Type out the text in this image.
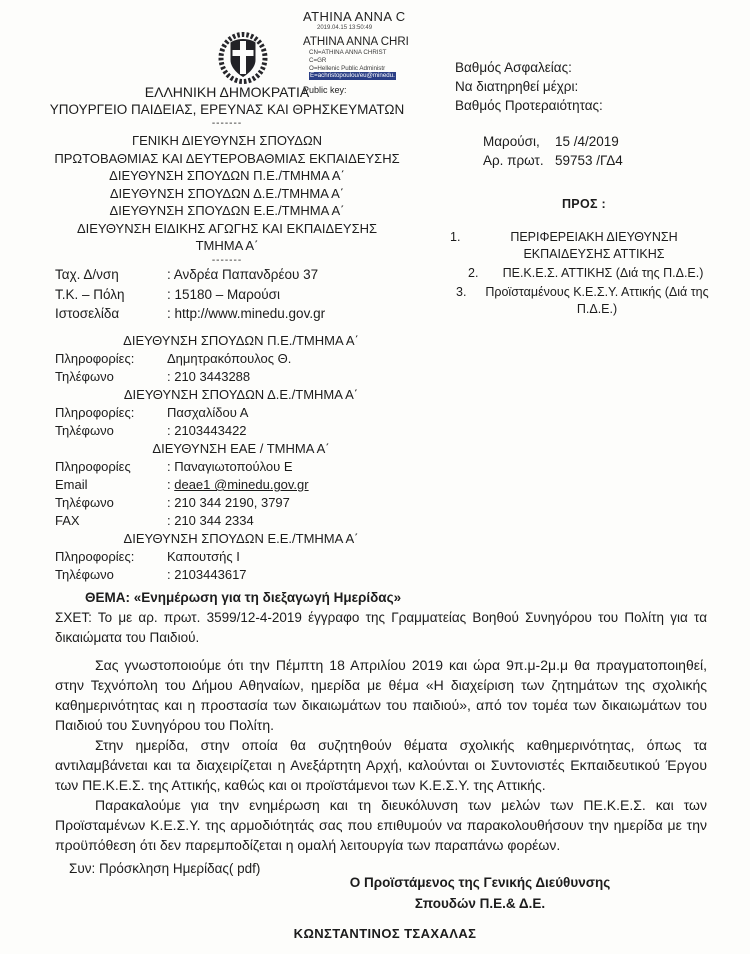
ATHINA ANNA C
2019.04.15 13:50:49
ATHINA ANNA CHRI
CN=ATHINA ANNA CHRIST
C=GR
O=Hellenic Public Administr
E=achristopoulou/eu@minedu.
Public key:
ΕΛΛΗΝΙΚΗ ΔΗΜΟΚΡΑΤΙΑ
ΥΠΟΥΡΓΕΙΟ ΠΑΙΔΕΙΑΣ, ΕΡΕΥΝΑΣ ΚΑΙ ΘΡΗΣΚΕΥΜΑΤΩΝ
-------
ΓΕΝΙΚΗ ΔΙΕΥΘΥΝΣΗ ΣΠΟΥΔΩΝ
ΠΡΩΤΟΒΑΘΜΙΑΣ ΚΑΙ ΔΕΥΤΕΡΟΒΑΘΜΙΑΣ ΕΚΠΑΙΔΕΥΣΗΣ
ΔΙΕΥΘΥΝΣΗ ΣΠΟΥΔΩΝ Π.Ε./ΤΜΗΜΑ Α΄
ΔΙΕΥΘΥΝΣΗ ΣΠΟΥΔΩΝ Δ.Ε./ΤΜΗΜΑ Α΄
ΔΙΕΥΘΥΝΣΗ ΣΠΟΥΔΩΝ Ε.Ε./ΤΜΗΜΑ Α΄
ΔΙΕΥΘΥΝΣΗ ΕΙΔΙΚΗΣ ΑΓΩΓΗΣ ΚΑΙ ΕΚΠΑΙΔΕΥΣΗΣ
ΤΜΗΜΑ Α΄
-------
Βαθμός Ασφαλείας:
Να διατηρηθεί μέχρι:
Βαθμός Προτεραιότητας:
Μαρούσι,	15 /4/2019
Αρ. πρωτ. 59753 /ΓΔ4
ΠΡΟΣ :
1.	ΠΕΡΙΦΕΡΕΙΑΚΗ ΔΙΕΥΘΥΝΣΗ ΕΚΠΑΙΔΕΥΣΗΣ ΑΤΤΙΚΗΣ
2.	ΠΕ.Κ.Ε.Σ. ΑΤΤΙΚΗΣ (Διά της Π.Δ.Ε.)
3.	Προϊσταμένους Κ.Ε.Σ.Υ. Αττικής (Διά της Π.Δ.Ε.)
Ταχ. Δ/νση	: Ανδρέα Παπανδρέου 37
Τ.Κ. – Πόλη	: 15180 – Μαρούσι
Ιστοσελίδα	: http://www.minedu.gov.gr
ΔΙΕΥΘΥΝΣΗ ΣΠΟΥΔΩΝ Π.Ε./ΤΜΗΜΑ Α΄
Πληροφορίες:	Δημητρακόπουλος Θ.
Τηλέφωνο	: 210 3443288
ΔΙΕΥΘΥΝΣΗ ΣΠΟΥΔΩΝ Δ.Ε./ΤΜΗΜΑ Α΄
Πληροφορίες:	Πασχαλίδου Α
Τηλέφωνο	: 2103443422
ΔΙΕΥΘΥΝΣΗ ΕΑΕ / ΤΜΗΜΑ Α΄
Πληροφορίες	: Παναγιωτοπούλου Ε
Email	: deae1 @minedu.gov.gr
Τηλέφωνο	: 210 344 2190, 3797
FAX	: 210 344 2334
ΔΙΕΥΘΥΝΣΗ ΣΠΟΥΔΩΝ Ε.Ε./ΤΜΗΜΑ Α΄
Πληροφορίες:	Καπουτσής Ι
Τηλέφωνο	: 2103443617
ΘΕΜΑ: «Ενημέρωση για τη διεξαγωγή Ημερίδας»
ΣΧΕΤ: Το με αρ. πρωτ. 3599/12-4-2019 έγγραφο της Γραμματείας Βοηθού Συνηγόρου του Πολίτη για τα δικαιώματα του Παιδιού.

Σας γνωστοποιούμε ότι την Πέμπτη 18 Απριλίου 2019 και ώρα 9π.μ-2μ.μ θα πραγματοποιηθεί, στην Τεχνόπολη του Δήμου Αθηναίων, ημερίδα με θέμα «Η διαχείριση των ζητημάτων της σχολικής καθημερινότητας και η προστασία των δικαιωμάτων του παιδιού», από τον τομέα των δικαιωμάτων του Παιδιού του Συνηγόρου του Πολίτη.

Στην ημερίδα, στην οποία θα συζητηθούν θέματα σχολικής καθημερινότητας, όπως τα αντιλαμβάνεται και τα διαχειρίζεται η Ανεξάρτητη Αρχή, καλούνται οι Συντονιστές Εκπαιδευτικού Έργου των ΠΕ.Κ.Ε.Σ. της Αττικής, καθώς και οι προϊστάμενοι των Κ.Ε.Σ.Υ. της Αττικής.

Παρακαλούμε για την ενημέρωση και τη διευκόλυνση των μελών των ΠΕ.Κ.Ε.Σ. και των Προϊσταμένων Κ.Ε.Σ.Υ. της αρμοδιότητάς σας που επιθυμούν να παρακολουθήσουν την ημερίδα με την προϋπόθεση ότι δεν παρεμποδίζεται η ομαλή λειτουργία των παραπάνω φορέων.

Συν: Πρόσκληση Ημερίδας( pdf)
Ο Προϊστάμενος της Γενικής Διεύθυνσης
Σπουδών Π.Ε.& Δ.Ε.
ΚΩΝΣΤΑΝΤΙΝΟΣ ΤΣΑΧΑΛΑΣ
